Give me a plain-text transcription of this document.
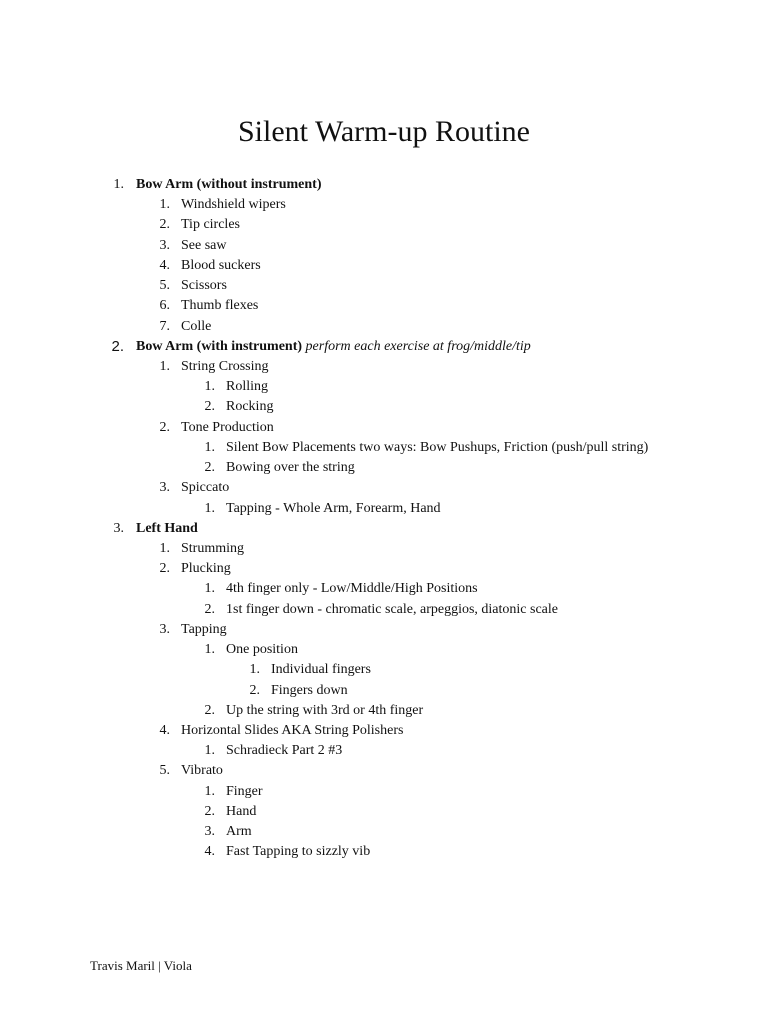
Silent Warm-up Routine
1. Bow Arm (without instrument)
1. Windshield wipers
2. Tip circles
3. See saw
4. Blood suckers
5. Scissors
6. Thumb flexes
7. Colle
2. Bow Arm (with instrument) perform each exercise at frog/middle/tip
1. String Crossing
1. Rolling
2. Rocking
2. Tone Production
1. Silent Bow Placements two ways: Bow Pushups, Friction (push/pull string)
2. Bowing over the string
3. Spiccato
1. Tapping - Whole Arm, Forearm, Hand
3. Left Hand
1. Strumming
2. Plucking
1. 4th finger only - Low/Middle/High Positions
2. 1st finger down - chromatic scale, arpeggios, diatonic scale
3. Tapping
1. One position
1. Individual fingers
2. Fingers down
2. Up the string with 3rd or 4th finger
4. Horizontal Slides AKA String Polishers
1. Schradieck Part 2 #3
5. Vibrato
1. Finger
2. Hand
3. Arm
4. Fast Tapping to sizzly vib
Travis Maril | Viola
